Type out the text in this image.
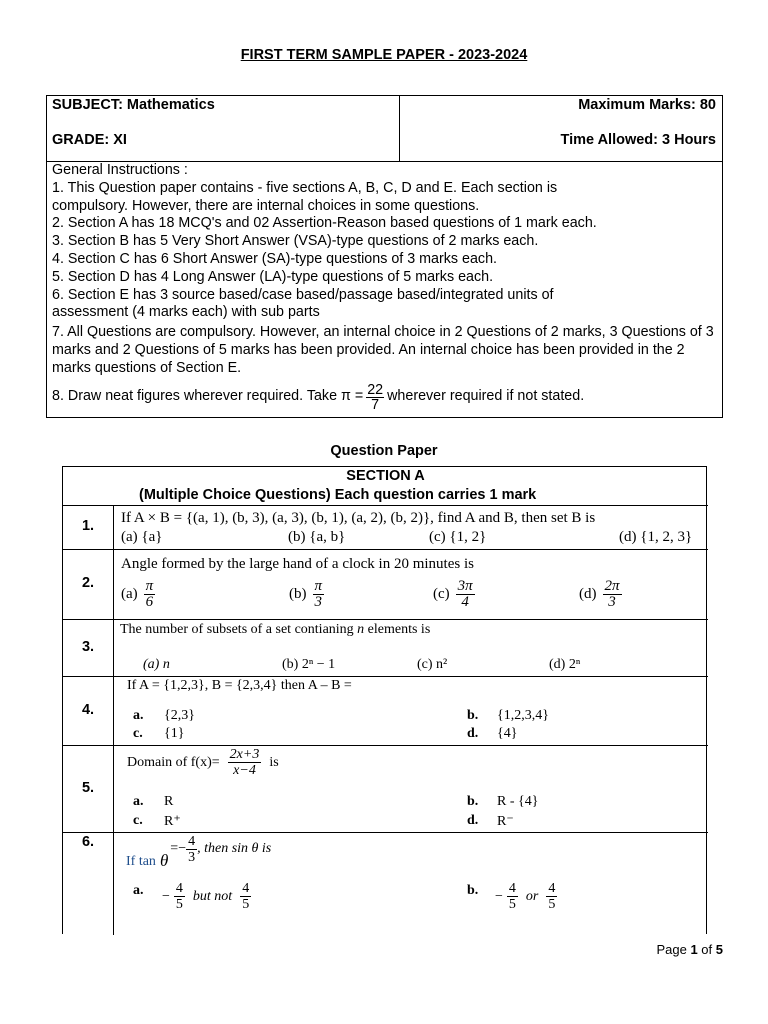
FIRST TERM SAMPLE PAPER - 2023-2024
SUBJECT: Mathematics
GRADE: XI
Maximum Marks: 80
Time Allowed: 3 Hours

General Instructions :

1. This Question paper contains - five sections A, B, C, D and E. Each section is compulsory. However, there are internal choices in some questions.

2. Section A has 18 MCQ's and 02 Assertion-Reason based questions of 1 mark each.

3. Section B has 5 Very Short Answer (VSA)-type questions of 2 marks each.

4. Section C has 6 Short Answer (SA)-type questions of 3 marks each.

5. Section D has 4 Long Answer (LA)-type questions of 5 marks each.

6. Section E has 3 source based/case based/passage based/integrated units of assessment (4 marks each) with sub parts

7. All Questions are compulsory. However, an internal choice in 2 Questions of 2 marks, 3 Questions of 3 marks and 2 Questions of 5 marks has been provided. An internal choice has been provided in the 2 marks questions of Section E.

8. Draw neat figures wherever required. Take $\pi = \frac{22}{7}$ wherever required if not stated.
Question Paper
SECTION A
(Multiple Choice Questions) Each question carries 1 mark
1.	If A × B = {(a, 1), (b, 3), (a, 3), (b, 1), (a, 2), (b, 2)}, find A and B, then set B is
(a) {a}	(b) {a, b}	(c) {1, 2}	(d) {1, 2, 3}
2.
Angle formed by the large hand of a clock in 20 minutes is
$(a) \frac{\pi}{6}$	$(b) \frac{\pi}{3}$	$(c) \frac{3\pi}{4}$	$(d) \frac{2\pi}{3}$
3.
The number of subsets of a set contianing n elements is
(a) n	(b) 2ⁿ − 1	(c) n²	(d) 2ⁿ
4.
If A = {1,2,3}, B = {2,3,4} then A – B =
a. {2,3}	b. {1,2,3,4}
c. {1}	d. {4}
5.
Domain of $f(x)= \frac{2x+3}{x-4}$ is
a. R	b. R - {4}
c. R⁺	d. R⁻
6.
If tan θ
=− $\frac{4}{3}$ , then sin θ is
a. − $\frac{4}{5}$ but not $\frac{4}{5}$	b. − $\frac{4}{5}$ or $\frac{4}{5}$
Page 1 of 5
